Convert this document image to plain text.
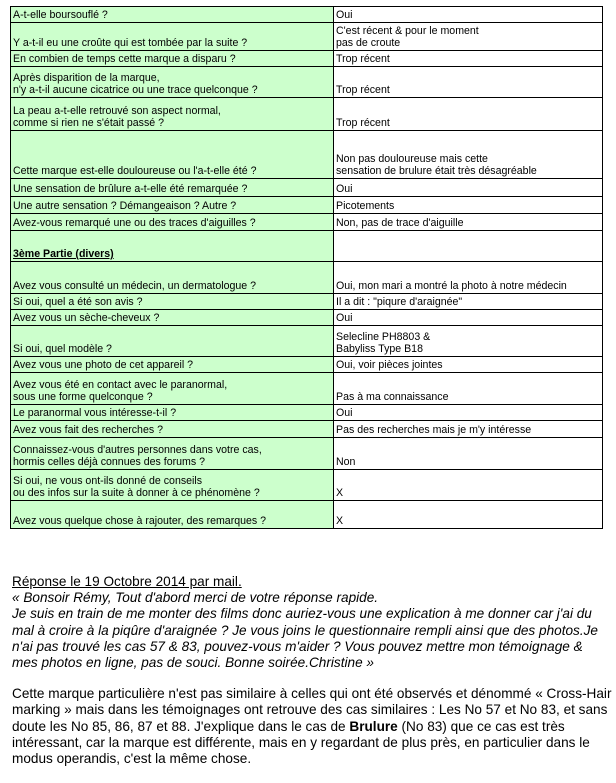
A-t-elle boursouflé ?	Oui
Y a-t-il eu une croûte qui est tombée par la suite ?	C'est récent & pour le moment
pas de croute
En combien de temps cette marque a disparu ?	Trop récent
Après disparition de la marque,
n'y a-t-il aucune cicatrice ou une trace quelconque ?	Trop récent
La peau a-t-elle retrouvé son aspect normal,
comme si rien ne s'était passé ?	Trop récent
Cette marque est-elle douloureuse ou l'a-t-elle été ?	Non pas douloureuse mais cette
sensation de brulure était très désagréable
Une sensation de brûlure a-t-elle été remarquée ?	Oui
Une autre sensation ? Démangeaison ? Autre ?	Picotements
Avez-vous remarqué une ou des traces d'aiguilles ?	Non, pas de trace d'aiguille
3ème Partie (divers)	
Avez vous consulté un médecin, un dermatologue ?	Oui, mon mari a montré la photo à notre médecin
Si oui, quel a été son avis ?	Il a dit : "piqure d'araignée"
Avez vous un sèche-cheveux ?	Oui
Si oui, quel modèle ?	Selecline PH8803 &
Babyliss Type B18
Avez vous une photo de cet appareil ?	Oui, voir pièces jointes
Avez vous été en contact avec le paranormal,
sous une forme quelconque ?	Pas à ma connaissance
Le paranormal vous intéresse-t-il ?	Oui
Avez vous fait des recherches ?	Pas des recherches mais je m'y intéresse
Connaissez-vous d'autres personnes dans votre cas,
hormis celles déjà connues des forums ?	Non
Si oui, ne vous ont-ils donné de conseils
ou des infos sur la suite à donner à ce phénomène ?	X
Avez vous quelque chose à rajouter, des remarques ?	X
Réponse le 19 Octobre 2014 par mail.
« Bonsoir Rémy, Tout d'abord merci de votre réponse rapide.
Je suis en train de me monter des films donc auriez-vous une explication à me donner car j'ai du mal à croire à la piqûre d'araignée ? Je vous joins le questionnaire rempli ainsi que des photos.Je n'ai pas trouvé les cas 57 & 83, pouvez-vous m'aider ? Vous pouvez mettre mon témoignage & mes photos en ligne, pas de souci. Bonne soirée.Christine »
Cette marque particulière n'est pas similaire à celles qui ont été observés et dénommé « Cross-Hair marking » mais dans les témoignages ont retrouve des cas similaires : Les No 57 et No 83, et sans doute les No 85, 86, 87 et 88. J'explique dans le cas de Brulure (No 83) que ce cas est très intéressant, car la marque est différente, mais en y regardant de plus près, en particulier dans le modus operandis, c'est la même chose.
